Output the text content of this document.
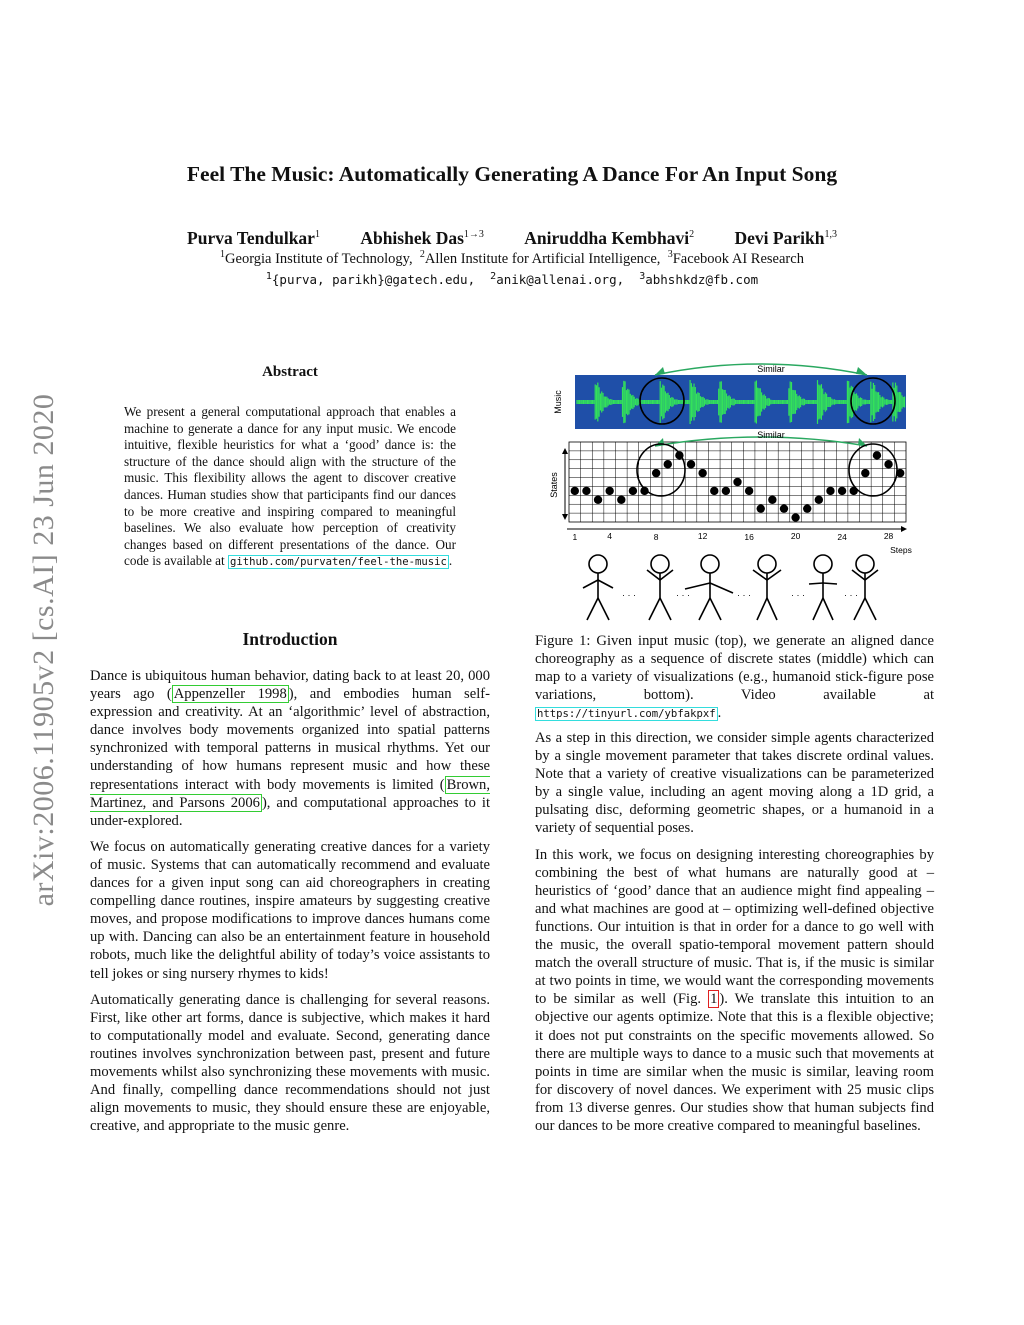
arXiv:2006.11905v2 [cs.AI] 23 Jun 2020
Feel The Music: Automatically Generating A Dance For An Input Song
Purva Tendulkar$^1$ Abhishek Das$^{1\to 3}$ Aniruddha Kembhavi$^2$ Devi Parikh$^{1,3}$
$^1$Georgia Institute of Technology, $^2$Allen Institute for Artificial Intelligence, $^3$Facebook AI Research
$^1${purva, parikh}@gatech.edu, $^2$anik@allenai.org, $^3$abhshkdz@fb.com
Abstract
We present a general computational approach that enables a machine to generate a dance for any input music. We encode intuitive, flexible heuristics for what a ‘good’ dance is: the structure of the dance should align with the structure of the music. This flexibility allows the agent to discover creative dances. Human studies show that participants find our dances to be more creative and inspiring compared to meaningful baselines. We also evaluate how perception of creativity changes based on different presentations of the dance. Our code is available at github.com/purvaten/feel-the-music .
Introduction

Dance is ubiquitous human behavior, dating back to at least 20, 000 years ago ( Appenzeller 1998 ), and embodies human self-expression and creativity. At an ‘algorithmic’ level of abstraction, dance involves body movements organized into spatial patterns synchronized with temporal patterns in musical rhythms. Yet our understanding of how humans represent music and how these representations interact with body movements is limited ( Brown, Martinez, and Parsons 2006 ), and computational approaches to it under-explored.

We focus on automatically generating creative dances for a variety of music. Systems that can automatically recommend and evaluate dances for a given input song can aid choreographers in creating compelling dance routines, inspire amateurs by suggesting creative moves, and propose modifications to improve dances humans come up with. Dancing can also be an entertainment feature in household robots, much like the delightful ability of today’s voice assistants to tell jokes or sing nursery rhymes to kids!

Automatically generating dance is challenging for several reasons. First, like other art forms, dance is subjective, which makes it hard to computationally model and evaluate. Second, generating dance routines involves synchronization between past, present and future movements whilst also synchronizing these movements with music. And finally, compelling dance recommendations should not just align movements to music, they should ensure these are enjoyable, creative, and appropriate to the music genre.

Music
Similar
States
Similar
1	4	8	12	16	20	24	28
Steps
· · ·	· · ·	· · ·	· · ·	· · ·
Figure 1: Given input music (top), we generate an aligned dance choreography as a sequence of discrete states (middle) which can map to a variety of visualizations (e.g., humanoid stick-figure pose variations, bottom). Video available at https://tinyurl.com/ybfakpxf .

As a step in this direction, we consider simple agents characterized by a single movement parameter that takes discrete ordinal values. Note that a variety of creative visualizations can be parameterized by a single value, including an agent moving along a 1D grid, a pulsating disc, deforming geometric shapes, or a humanoid in a variety of sequential poses.

In this work, we focus on designing interesting choreographies by combining the best of what humans are naturally good at – heuristics of ‘good’ dance that an audience might find appealing – and what machines are good at – optimizing well-defined objective functions. Our intuition is that in order for a dance to go well with the music, the overall spatio-temporal movement pattern should match the overall structure of music. That is, if the music is similar at two points in time, we would want the corresponding movements to be similar as well (Fig. 1 ). We translate this intuition to an objective our agents optimize. Note that this is a flexible objective; it does not put constraints on the specific movements allowed. So there are multiple ways to dance to a music such that movements at points in time are similar when the music is similar, leaving room for discovery of novel dances. We experiment with 25 music clips from 13 diverse genres. Our studies show that human subjects find our dances to be more creative compared to meaningful baselines.
